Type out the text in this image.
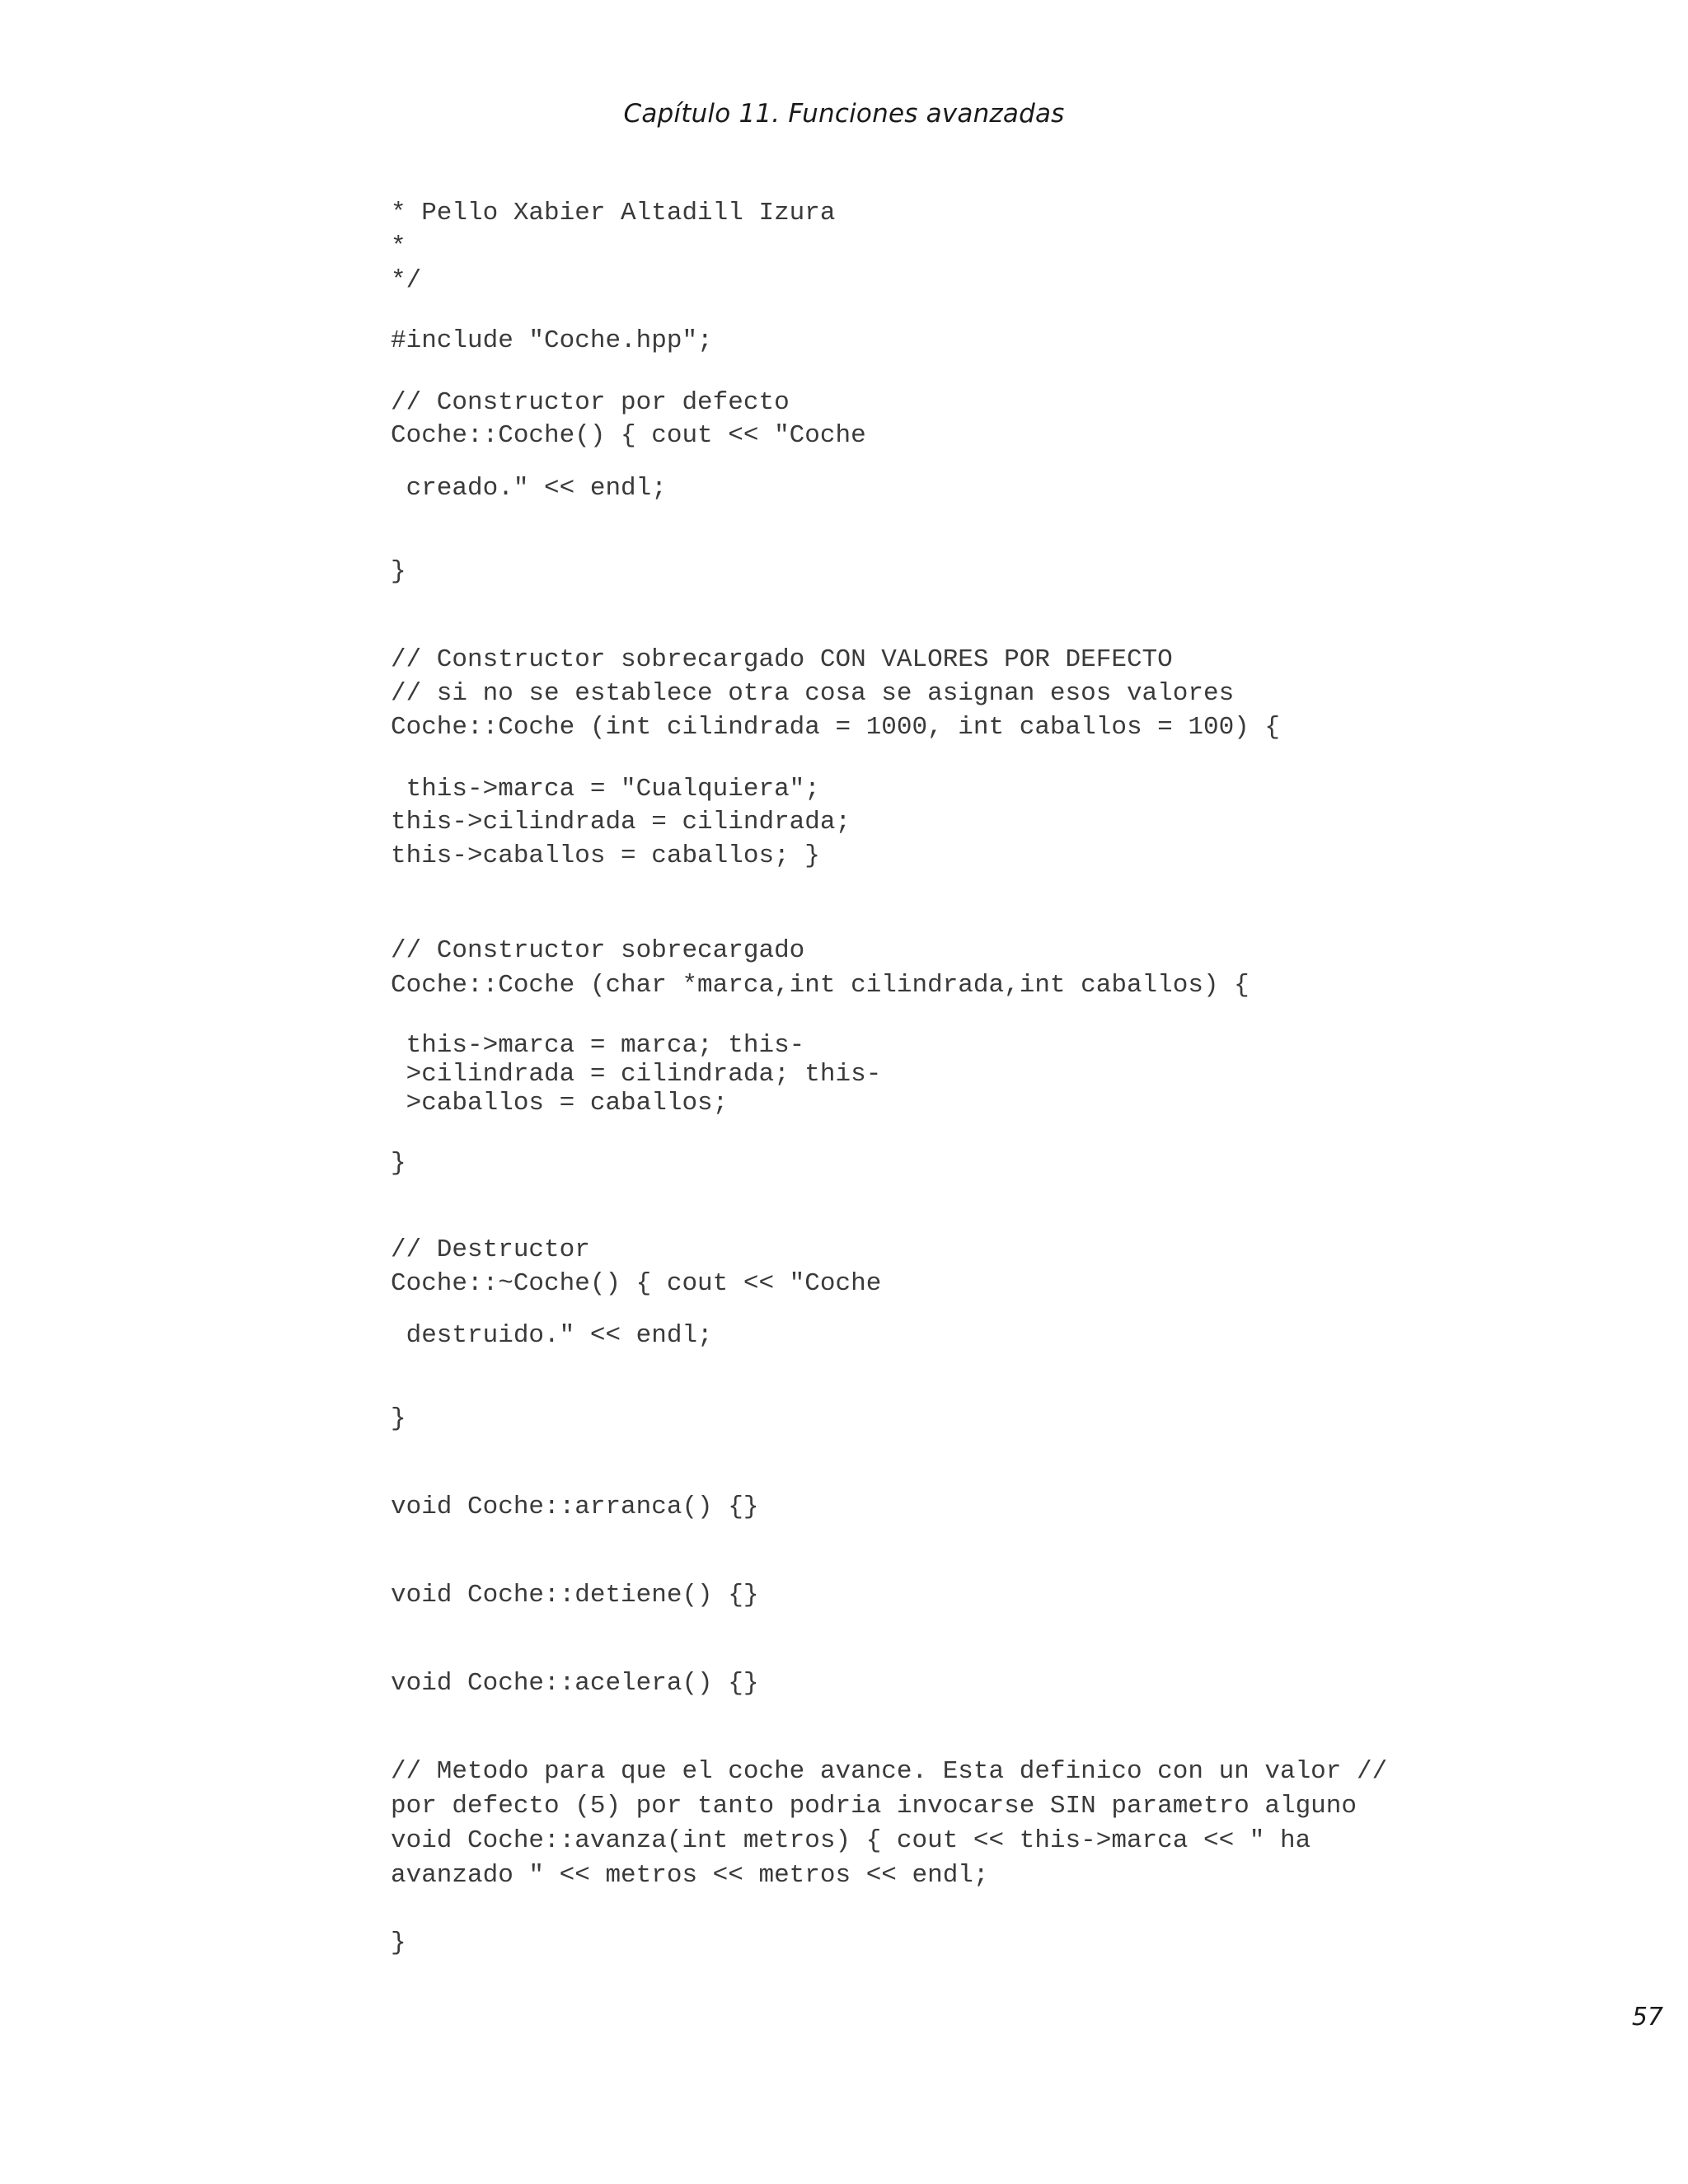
Capítulo 11. Funciones avanzadas
* Pello Xabier Altadill Izura
*
*/
#include "Coche.hpp";
// Constructor por defecto
Coche::Coche() { cout << "Coche
creado." << endl;
}
// Constructor sobrecargado CON VALORES POR DEFECTO
// si no se establece otra cosa se asignan esos valores
Coche::Coche (int cilindrada = 1000, int caballos = 100) {
this->marca = "Cualquiera";
this->cilindrada = cilindrada;
this->caballos = caballos; }
// Constructor sobrecargado
Coche::Coche (char *marca,int cilindrada,int caballos) {
this->marca = marca; this-
>cilindrada = cilindrada; this-
>caballos = caballos;
}
// Destructor
Coche::~Coche() { cout << "Coche
destruido." << endl;
}
void Coche::arranca() {}
void Coche::detiene() {}
void Coche::acelera() {}
// Metodo para que el coche avance. Esta definico con un valor //
por defecto (5) por tanto podria invocarse SIN parametro alguno
void Coche::avanza(int metros) { cout << this->marca << " ha
avanzado " << metros << metros << endl;
}
57
